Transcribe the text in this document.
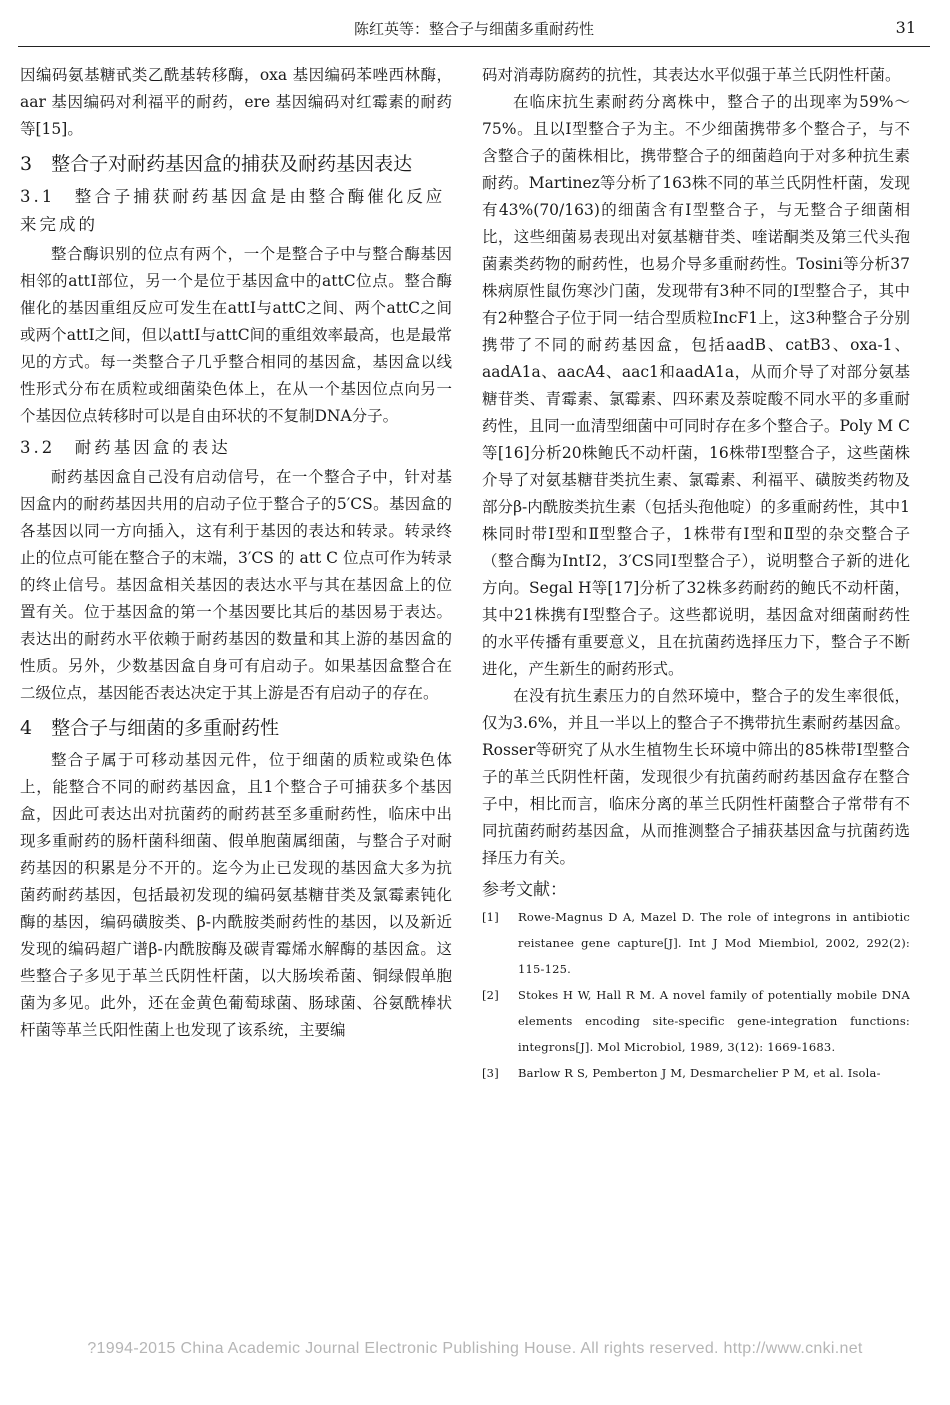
陈红英等：整合子与细菌多重耐药性	31

因编码氨基糖甙类乙酰基转移酶，oxa 基因编码苯唑西林酶，aar 基因编码对利福平的耐药，ere 基因编码对红霉素的耐药等[15]。

3　整合子对耐药基因盒的捕获及耐药基因表达
3.1　整合子捕获耐药基因盒是由整合酶催化反应来完成的

整合酶识别的位点有两个，一个是整合子中与整合酶基因相邻的attⅠ部位，另一个是位于基因盒中的attC位点。整合酶催化的基因重组反应可发生在attⅠ与attC之间、两个attC之间或两个attⅠ之间，但以attⅠ与attC间的重组效率最高，也是最常见的方式。每一类整合子几乎整合相同的基因盒，基因盒以线性形式分布在质粒或细菌染色体上，在从一个基因位点向另一个基因位点转移时可以是自由环状的不复制DNA分子。

3.2　耐药基因盒的表达

耐药基因盒自己没有启动信号，在一个整合子中，针对基因盒内的耐药基因共用的启动子位于整合子的5′CS。基因盒的各基因以同一方向插入，这有利于基因的表达和转录。转录终止的位点可能在整合子的末端，3′CS 的 att C 位点可作为转录的终止信号。基因盒相关基因的表达水平与其在基因盒上的位置有关。位于基因盒的第一个基因要比其后的基因易于表达。表达出的耐药水平依赖于耐药基因的数量和其上游的基因盒的性质。另外，少数基因盒自身可有启动子。如果基因盒整合在二级位点，基因能否表达决定于其上游是否有启动子的存在。

4　整合子与细菌的多重耐药性

整合子属于可移动基因元件，位于细菌的质粒或染色体上，能整合不同的耐药基因盒，且1个整合子可捕获多个基因盒，因此可表达出对抗菌药的耐药甚至多重耐药性，临床中出现多重耐药的肠杆菌科细菌、假单胞菌属细菌，与整合子对耐药基因的积累是分不开的。迄今为止已发现的基因盒大多为抗菌药耐药基因，包括最初发现的编码氨基糖苷类及氯霉素钝化酶的基因，编码磺胺类、β-内酰胺类耐药性的基因，以及新近发现的编码超广谱β-内酰胺酶及碳青霉烯水解酶的基因盒。这些整合子多见于革兰氏阴性杆菌，以大肠埃希菌、铜绿假单胞菌为多见。此外，还在金黄色葡萄球菌、肠球菌、谷氨酰棒状杆菌等革兰氏阳性菌上也发现了该系统，主要编

码对消毒防腐药的抗性，其表达水平似强于革兰氏阴性杆菌。

在临床抗生素耐药分离株中，整合子的出现率为59%～75%。且以Ⅰ型整合子为主。不少细菌携带多个整合子，与不含整合子的菌株相比，携带整合子的细菌趋向于对多种抗生素耐药。Martinez等分析了163株不同的革兰氏阴性杆菌，发现有43%(70/163)的细菌含有Ⅰ型整合子，与无整合子细菌相比，这些细菌易表现出对氨基糖苷类、喹诺酮类及第三代头孢菌素类药物的耐药性，也易介导多重耐药性。Tosini等分析37株病原性鼠伤寒沙门菌，发现带有3种不同的Ⅰ型整合子，其中有2种整合子位于同一结合型质粒IncF1上，这3种整合子分别携带了不同的耐药基因盒，包括aadB、catB3、oxa-1、aadA1a、aacA4、aac1和aadA1a，从而介导了对部分氨基糖苷类、青霉素、氯霉素、四环素及萘啶酸不同水平的多重耐药性，且同一血清型细菌中可同时存在多个整合子。Poly M C等[16]分析20株鲍氏不动杆菌，16株带Ⅰ型整合子，这些菌株介导了对氨基糖苷类抗生素、氯霉素、利福平、磺胺类药物及部分β-内酰胺类抗生素（包括头孢他啶）的多重耐药性，其中1株同时带Ⅰ型和Ⅱ型整合子，1株带有Ⅰ型和Ⅱ型的杂交整合子（整合酶为IntⅠ2，3′CS同Ⅰ型整合子），说明整合子新的进化方向。Segal H等[17]分析了32株多药耐药的鲍氏不动杆菌，其中21株携有Ⅰ型整合子。这些都说明，基因盒对细菌耐药性的水平传播有重要意义，且在抗菌药选择压力下，整合子不断进化，产生新生的耐药形式。

在没有抗生素压力的自然环境中，整合子的发生率很低，仅为3.6%，并且一半以上的整合子不携带抗生素耐药基因盒。Rosser等研究了从水生植物生长环境中筛出的85株带Ⅰ型整合子的革兰氏阴性杆菌，发现很少有抗菌药耐药基因盒存在整合子中，相比而言，临床分离的革兰氏阴性杆菌整合子常带有不同抗菌药耐药基因盒，从而推测整合子捕获基因盒与抗菌药选择压力有关。

参考文献：
[1] Rowe-Magnus D A, Mazel D. The role of integrons in antibiotic reistanee gene capture[J]. Int J Mod Miembiol, 2002, 292(2): 115-125.
[2] Stokes H W, Hall R M. A novel family of potentially mobile DNA elements encoding site-specific gene-integration functions: integrons[J]. Mol Microbiol, 1989, 3(12): 1669-1683.
[3] Barlow R S, Pemberton J M, Desmarchelier P M, et al. Isola-
?1994-2015 China Academic Journal Electronic Publishing House. All rights reserved. http://www.cnki.net
